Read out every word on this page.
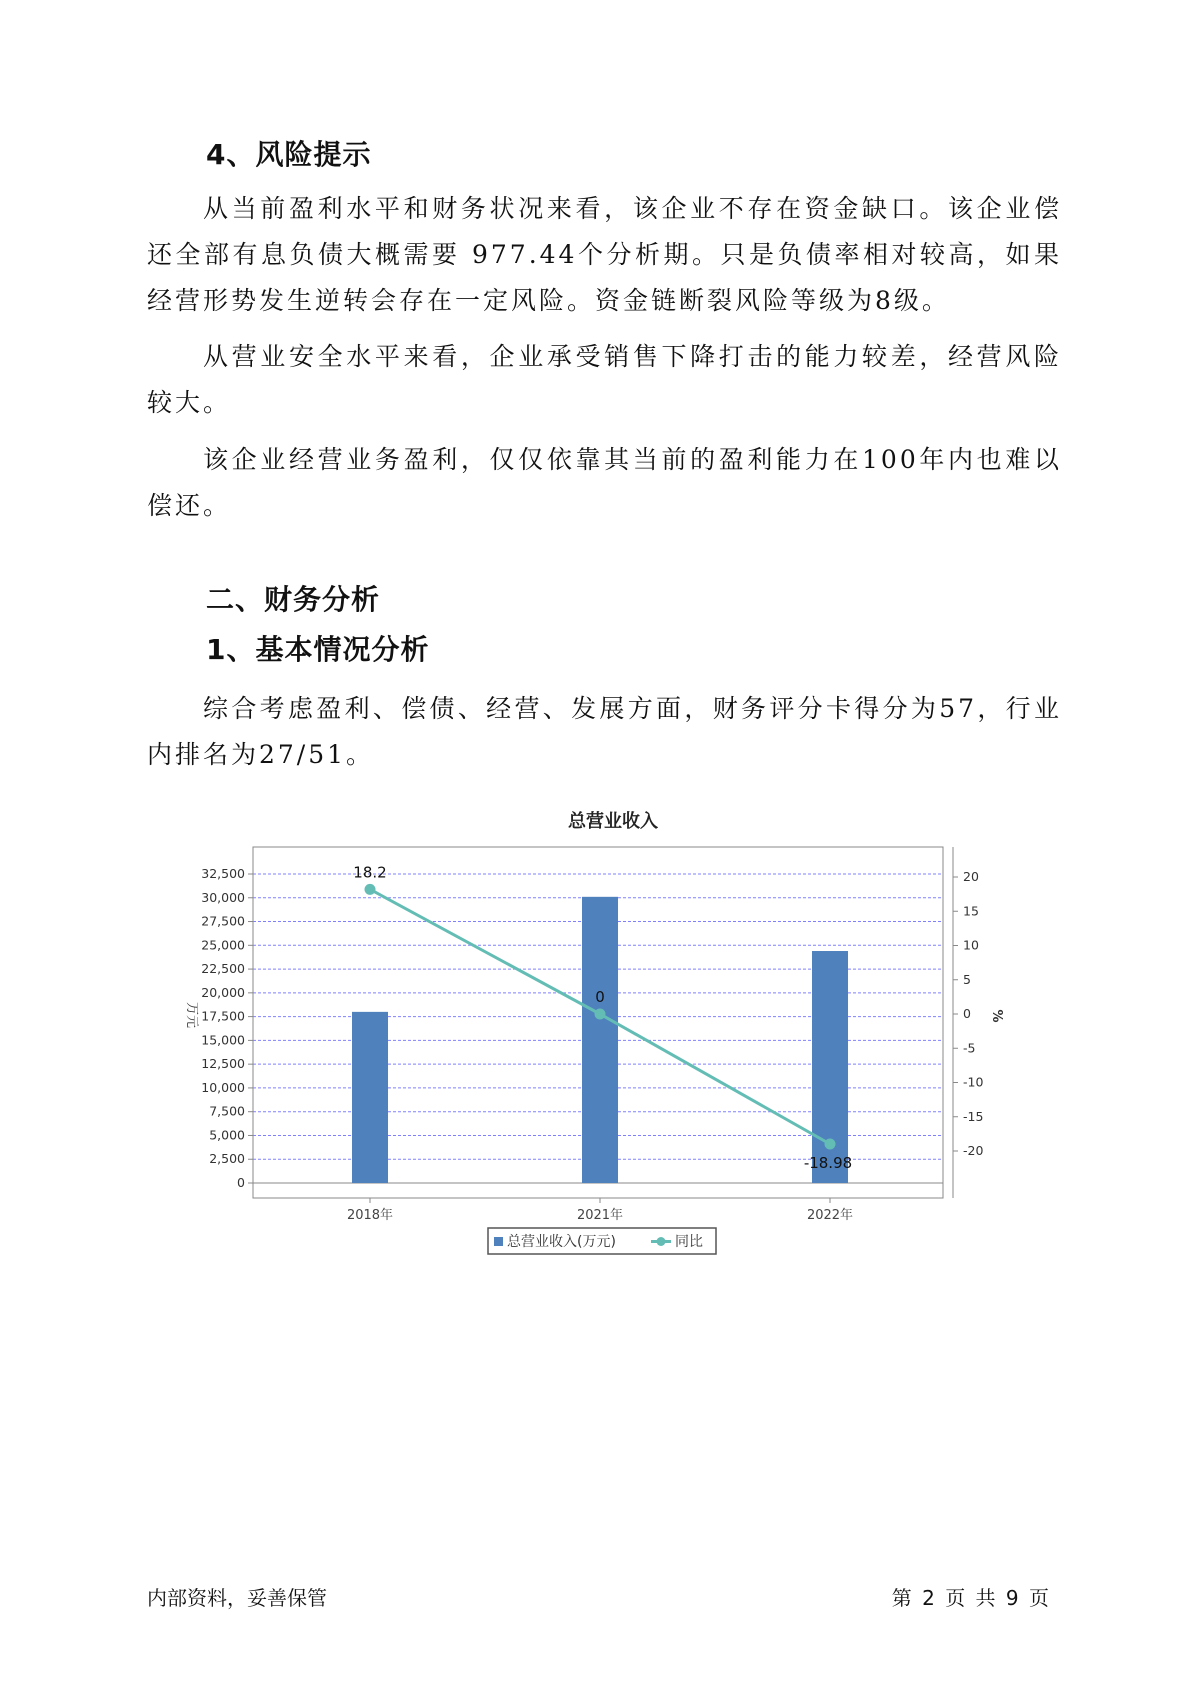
4、风险提示
从当前盈利水平和财务状况来看，该企业不存在资金缺口。该企业偿还全部有息负债大概需要 977.44个分析期。只是负债率相对较高，如果经营形势发生逆转会存在一定风险。资金链断裂风险等级为8级。
从营业安全水平来看，企业承受销售下降打击的能力较差，经营风险较大。
该企业经营业务盈利，仅仅依靠其当前的盈利能力在100年内也难以偿还。
二、财务分析
1、基本情况分析
综合考虑盈利、偿债、经营、发展方面，财务评分卡得分为57，行业内排名为27/51。
总营业收入
0
2,500
5,000
7,500
10,000
12,500
15,000
17,500
20,000
22,500
25,000
27,500
30,000
32,500
万元
-20
-15
-10
-5
0
5
10
15
20
%
2018年	2021年	2022年
18.2
0
-18.98
总营业收入(万元)	同比
内部资料，妥善保管	第 2 页 共 9 页
